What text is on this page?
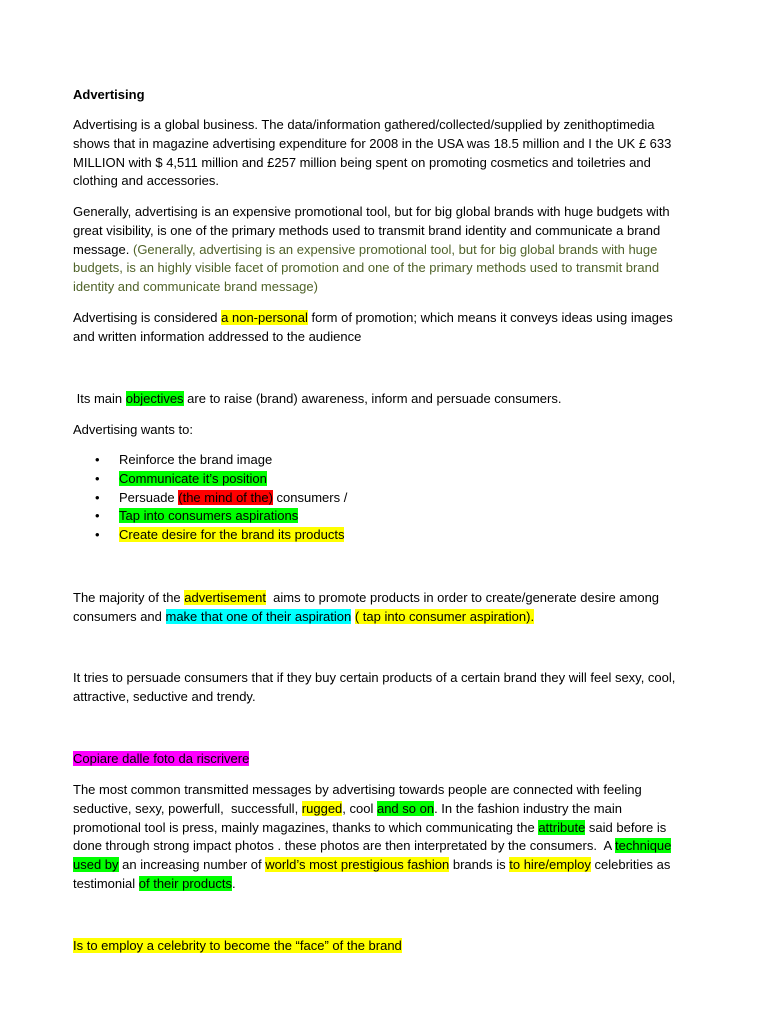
Advertising

Advertising is a global business. The data/information gathered/collected/supplied by zenithoptimedia shows that in magazine advertising expenditure for 2008 in the USA was 18.5 million and I the UK £ 633 MILLION with $ 4,511 million and £257 million being spent on promoting cosmetics and toiletries and clothing and accessories.

Generally, advertising is an expensive promotional tool, but for big global brands with huge budgets with great visibility, is one of the primary methods used to transmit brand identity and communicate a brand message. (Generally, advertising is an expensive promotional tool, but for big global brands with huge budgets, is an highly visible facet of promotion and one of the primary methods used to transmit brand identity and communicate brand message)

Advertising is considered a non-personal form of promotion; which means it conveys ideas using images and written information addressed to the audience

Its main objectives are to raise (brand) awareness, inform and persuade consumers.

Advertising wants to:

• Reinforce the brand image
• Communicate it’s position
• Persuade (the mind of the) consumers /
• Tap into consumers aspirations
• Create desire for the brand its products

The majority of the advertisement  aims to promote products in order to create/generate desire among consumers and make that one of their aspiration ( tap into consumer aspiration).

It tries to persuade consumers that if they buy certain products of a certain brand they will feel sexy, cool, attractive, seductive and trendy.

Copiare dalle foto da riscrivere

The most common transmitted messages by advertising towards people are connected with feeling seductive, sexy, powerfull,  successfull, rugged, cool and so on. In the fashion industry the main promotional tool is press, mainly magazines, thanks to which communicating the attribute said before is done through strong impact photos . these photos are then interpretated by the consumers.  A technique used by an increasing number of world’s most prestigious fashion brands is to hire/employ celebrities as testimonial of their products.

Is to employ a celebrity to become the “face” of the brand
